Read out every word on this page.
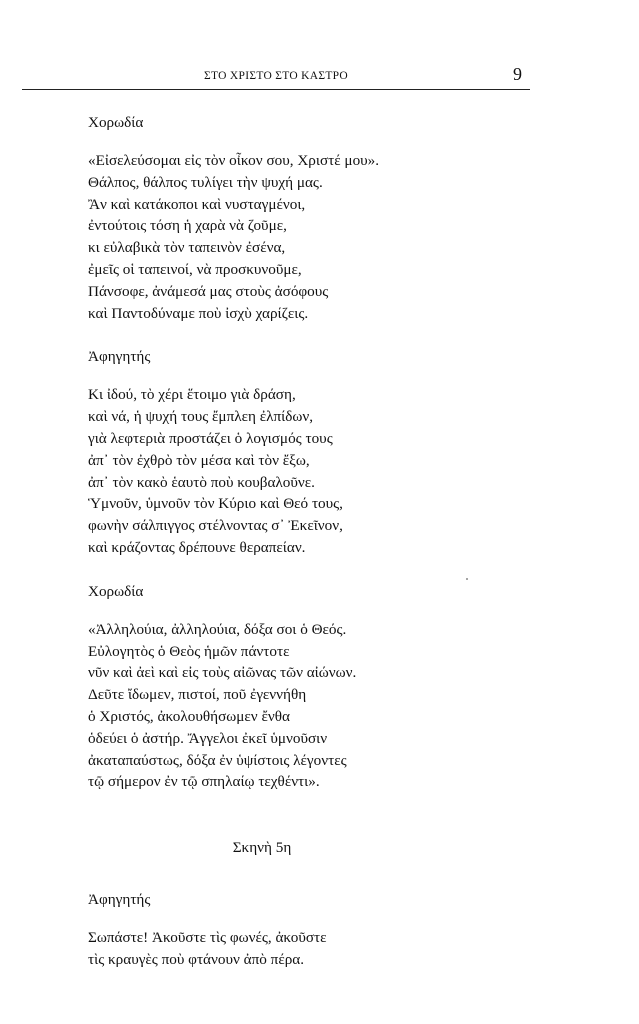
ΣΤΟ ΧΡΙΣΤΟ ΣΤΟ ΚΑΣΤΡΟ	9
Χορωδία
«Εἰσελεύσομαι εἰς τὸν οἶκον σου, Χριστέ μου».
Θάλπος, θάλπος τυλίγει τὴν ψυχή μας.
Ἂν καὶ κατάκοποι καὶ νυσταγμένοι,
ἐντούτοις τόση ἡ χαρὰ νὰ ζοῦμε,
κι εὐλαβικὰ τὸν ταπεινὸν ἐσένα,
ἐμεῖς οἱ ταπεινοί, νὰ προσκυνοῦμε,
Πάνσοφε, ἀνάμεσά μας στοὺς ἀσόφους
καὶ Παντοδύναμε ποὺ ἰσχὺ χαρίζεις.
Ἀφηγητής
Κι ἰδού, τὸ χέρι ἕτοιμο γιὰ δράση,
καὶ νά, ἡ ψυχή τους ἔμπλεη ἐλπίδων,
γιὰ λεφτεριὰ προστάζει ὁ λογισμός τους
ἀπ᾽ τὸν ἐχθρὸ τὸν μέσα καὶ τὸν ἔξω,
ἀπ᾽ τὸν κακὸ ἑαυτὸ ποὺ κουβαλοῦνε.
Ὑμνοῦν, ὑμνοῦν τὸν Κύριο καὶ Θεό τους,
φωνὴν σάλπιγγος στέλνοντας σ᾽ Ἐκεῖνον,
καὶ κράζοντας δρέπουνε θεραπείαν.
Χορωδία
«Ἀλληλούια, ἀλληλούια, δόξα σοι ὁ Θεός.
Εὐλογητὸς ὁ Θεὸς ἡμῶν πάντοτε
νῦν καὶ ἀεὶ καὶ εἰς τοὺς αἰῶνας τῶν αἰώνων.
Δεῦτε ἴδωμεν, πιστοί, ποῦ ἐγεννήθη
ὁ Χριστός, ἀκολουθήσωμεν ἔνθα
ὁδεύει ὁ ἀστήρ. Ἄγγελοι ἐκεῖ ὑμνοῦσιν
ἀκαταπαύστως, δόξα ἐν ὑψίστοις λέγοντες
τῷ σήμερον ἐν τῷ σπηλαίῳ τεχθέντι».
Σκηνὴ 5η
Ἀφηγητής
Σωπάστε! Ἀκοῦστε τὶς φωνές, ἀκοῦστε
τὶς κραυγὲς ποὺ φτάνουν ἀπὸ πέρα.
